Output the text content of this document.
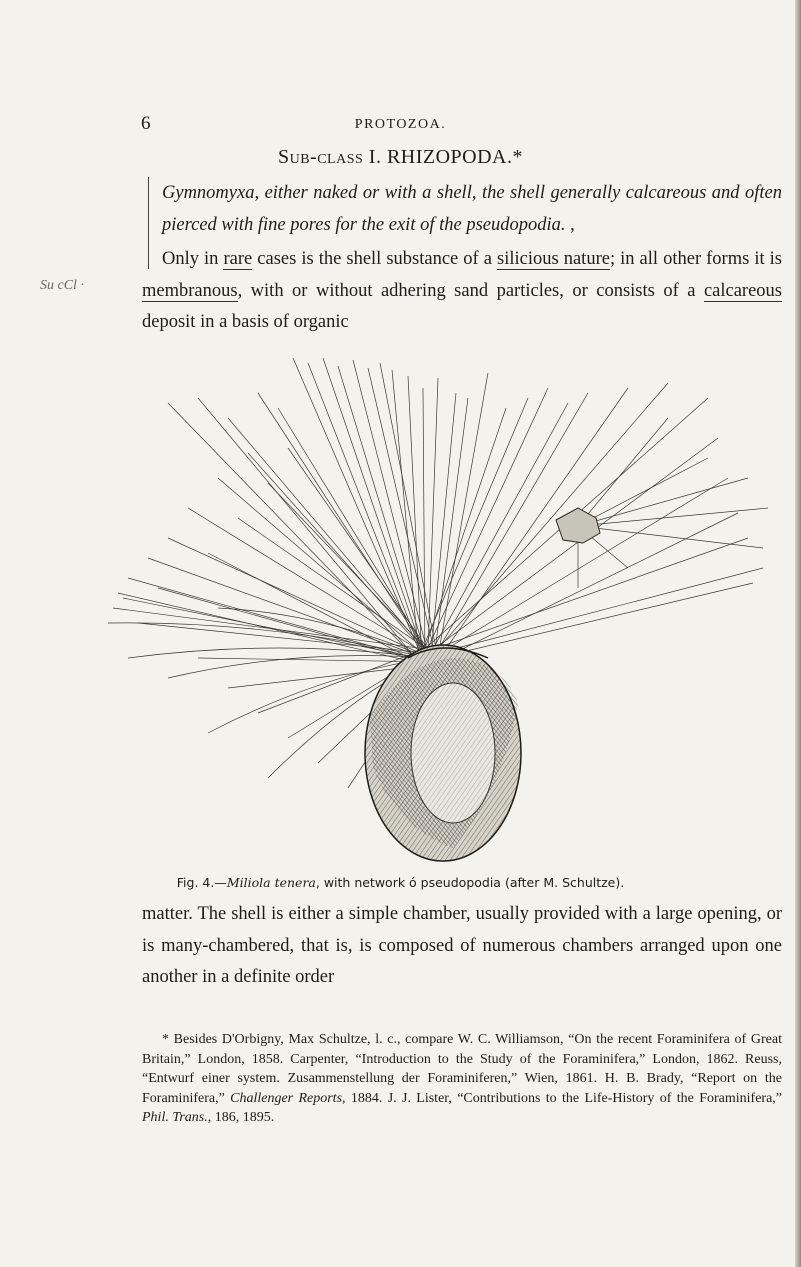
6	PROTOZOA.
Sub-class I. RHIZOPODA.*
Gymnomyxa, either naked or with a shell, the shell generally calcareous and often pierced with fine pores for the exit of the pseudopodia. ,
Su cCl ·
Only in rare cases is the shell substance of a silicious nature; in all other forms it is membranous, with or without adhering sand particles, or consists of a calcareous deposit in a basis of organic
Fig. 4.—Miliola tenera, with network ó pseudopodia (after M. Schultze).
matter. The shell is either a simple chamber, usually provided with a large opening, or is many-chambered, that is, is composed of numerous chambers arranged upon one another in a definite order
* Besides D'Orbigny, Max Schultze, l. c., compare W. C. Williamson, “On the recent Foraminifera of Great Britain,” London, 1858. Carpenter, “Introduction to the Study of the Foraminifera,” London, 1862. Reuss, “Entwurf einer system. Zusammenstellung der Foraminiferen,” Wien, 1861. H. B. Brady, “Report on the Foraminifera,” Challenger Reports, 1884. J. J. Lister, “Contributions to the Life-History of the Foraminifera,” Phil. Trans., 186, 1895.
